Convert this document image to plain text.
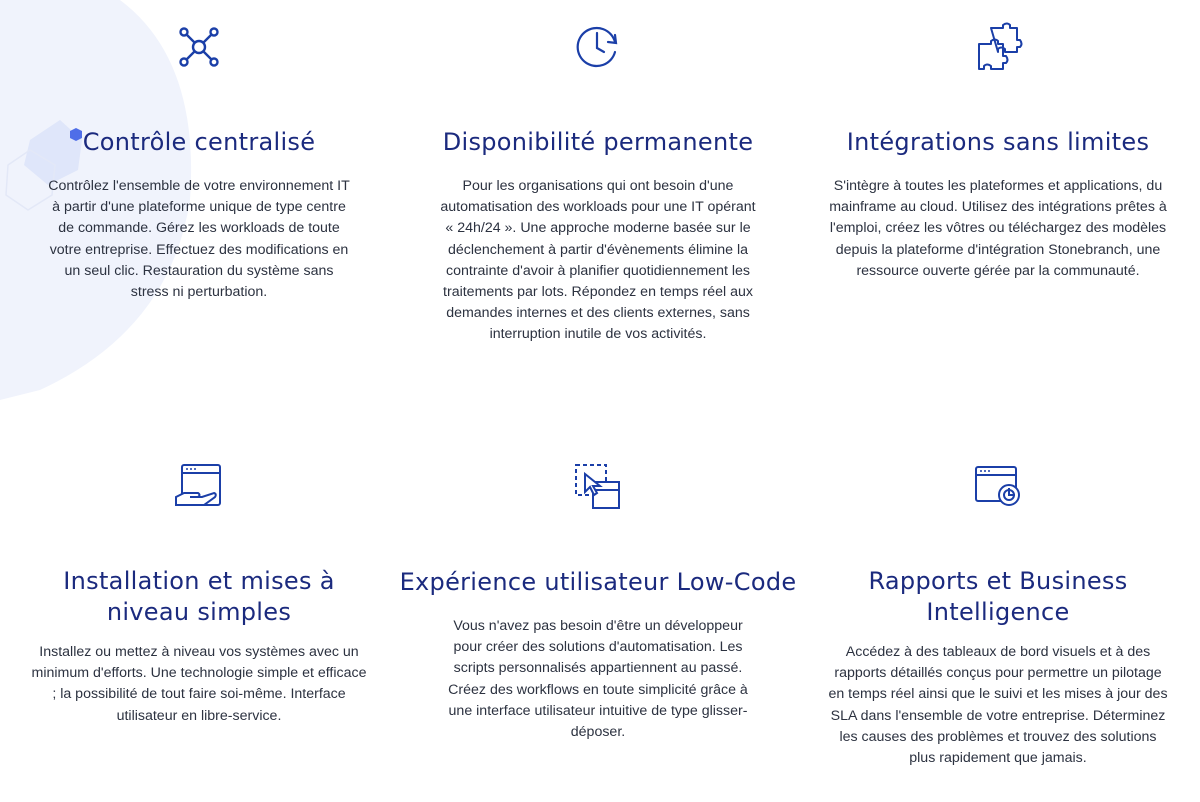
Contrôle centralisé

Contrôlez l'ensemble de votre environnement IT à partir d'une plateforme unique de type centre de commande. Gérez les workloads de toute votre entreprise. Effectuez des modifications en un seul clic. Restauration du système sans stress ni perturbation.

Disponibilité permanente

Pour les organisations qui ont besoin d'une automatisation des workloads pour une IT opérant « 24h/24 ». Une approche moderne basée sur le déclenchement à partir d'évènements élimine la contrainte d'avoir à planifier quotidiennement les traitements par lots. Répondez en temps réel aux demandes internes et des clients externes, sans interruption inutile de vos activités.

Intégrations sans limites

S'intègre à toutes les plateformes et applications, du mainframe au cloud. Utilisez des intégrations prêtes à l'emploi, créez les vôtres ou téléchargez des modèles depuis la plateforme d'intégration Stonebranch, une ressource ouverte gérée par la communauté.

Installation et mises à niveau simples

Installez ou mettez à niveau vos systèmes avec un minimum d'efforts. Une technologie simple et efficace ; la possibilité de tout faire soi-même. Interface utilisateur en libre-service.

Expérience utilisateur Low-Code

Vous n'avez pas besoin d'être un développeur pour créer des solutions d'automatisation. Les scripts personnalisés appartiennent au passé. Créez des workflows en toute simplicité grâce à une interface utilisateur intuitive de type glisser-déposer.

Rapports et Business Intelligence

Accédez à des tableaux de bord visuels et à des rapports détaillés conçus pour permettre un pilotage en temps réel ainsi que le suivi et les mises à jour des SLA dans l'ensemble de votre entreprise. Déterminez les causes des problèmes et trouvez des solutions plus rapidement que jamais.
